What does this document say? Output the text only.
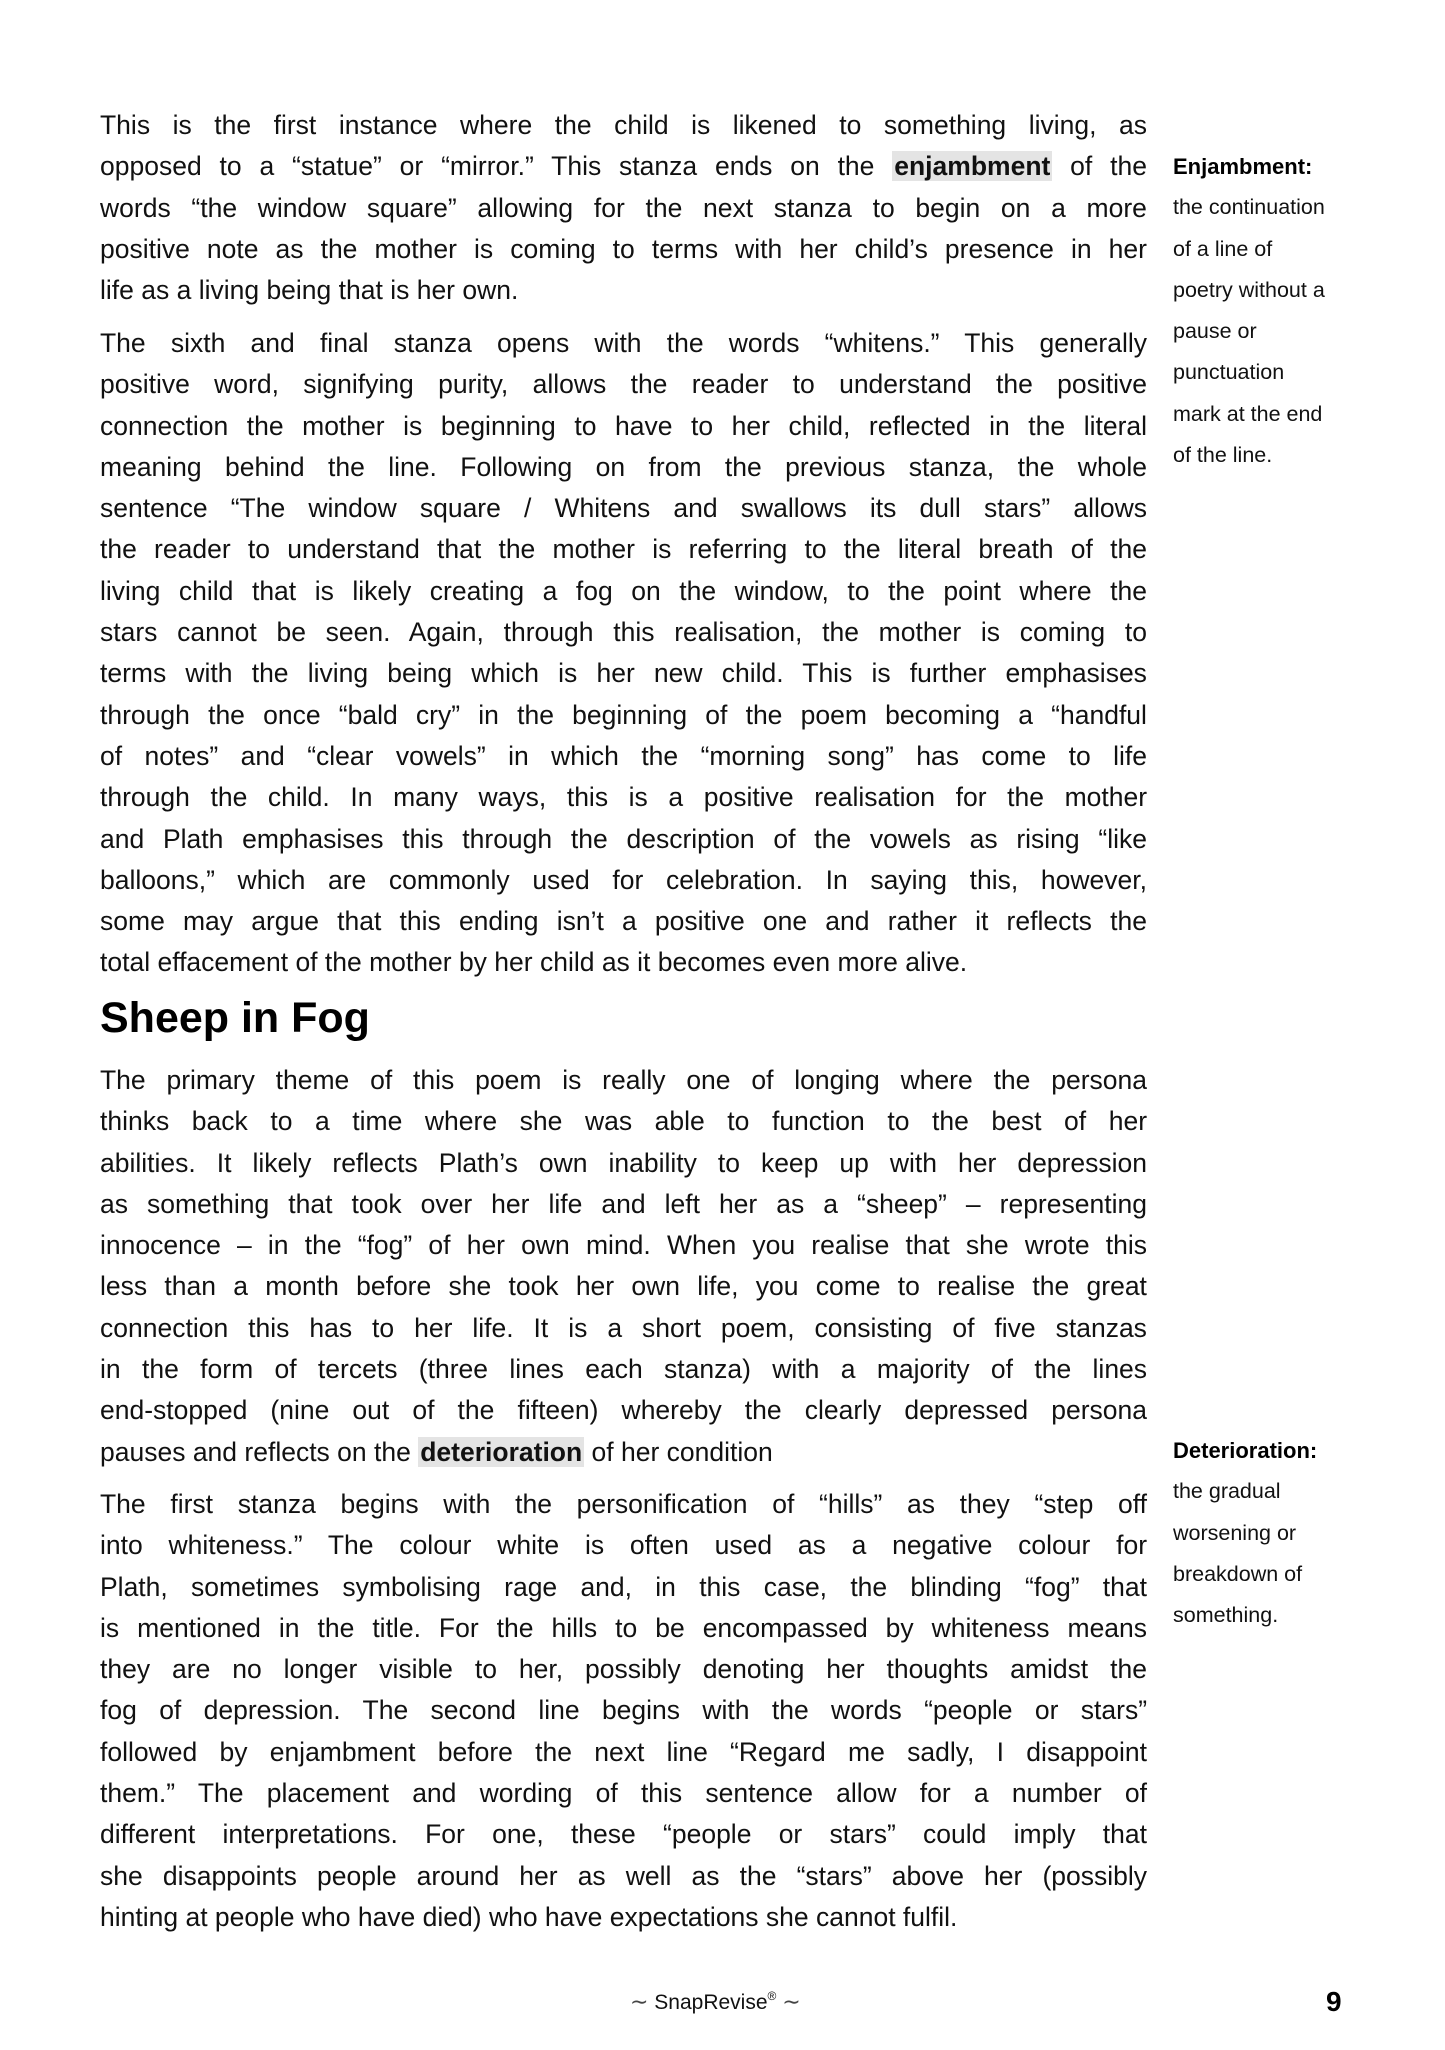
This is the first instance where the child is likened to something living, as
opposed to a “statue” or “mirror.” This stanza ends on the enjambment of the
words “the window square” allowing for the next stanza to begin on a more
positive note as the mother is coming to terms with her child’s presence in her
life as a living being that is her own.
The sixth and final stanza opens with the words “whitens.” This generally
positive word, signifying purity, allows the reader to understand the positive
connection the mother is beginning to have to her child, reflected in the literal
meaning behind the line. Following on from the previous stanza, the whole
sentence “The window square / Whitens and swallows its dull stars” allows
the reader to understand that the mother is referring to the literal breath of the
living child that is likely creating a fog on the window, to the point where the
stars cannot be seen. Again, through this realisation, the mother is coming to
terms with the living being which is her new child. This is further emphasises
through the once “bald cry” in the beginning of the poem becoming a “handful
of notes” and “clear vowels” in which the “morning song” has come to life
through the child. In many ways, this is a positive realisation for the mother
and Plath emphasises this through the description of the vowels as rising “like
balloons,” which are commonly used for celebration. In saying this, however,
some may argue that this ending isn’t a positive one and rather it reflects the
total effacement of the mother by her child as it becomes even more alive.
Sheep in Fog
The primary theme of this poem is really one of longing where the persona
thinks back to a time where she was able to function to the best of her
abilities. It likely reflects Plath’s own inability to keep up with her depression
as something that took over her life and left her as a “sheep” – representing
innocence – in the “fog” of her own mind. When you realise that she wrote this
less than a month before she took her own life, you come to realise the great
connection this has to her life. It is a short poem, consisting of five stanzas
in the form of tercets (three lines each stanza) with a majority of the lines
end-stopped (nine out of the fifteen) whereby the clearly depressed persona
pauses and reflects on the deterioration of her condition
The first stanza begins with the personification of “hills” as they “step off
into whiteness.” The colour white is often used as a negative colour for
Plath, sometimes symbolising rage and, in this case, the blinding “fog” that
is mentioned in the title. For the hills to be encompassed by whiteness means
they are no longer visible to her, possibly denoting her thoughts amidst the
fog of depression. The second line begins with the words “people or stars”
followed by enjambment before the next line “Regard me sadly, I disappoint
them.” The placement and wording of this sentence allow for a number of
different interpretations. For one, these “people or stars” could imply that
she disappoints people around her as well as the “stars” above her (possibly
hinting at people who have died) who have expectations she cannot fulfil.
Enjambment:
the continuation
of a line of
poetry without a
pause or
punctuation
mark at the end
of the line.
Deterioration:
the gradual
worsening or
breakdown of
something.
∼ SnapRevise® ∼	9
